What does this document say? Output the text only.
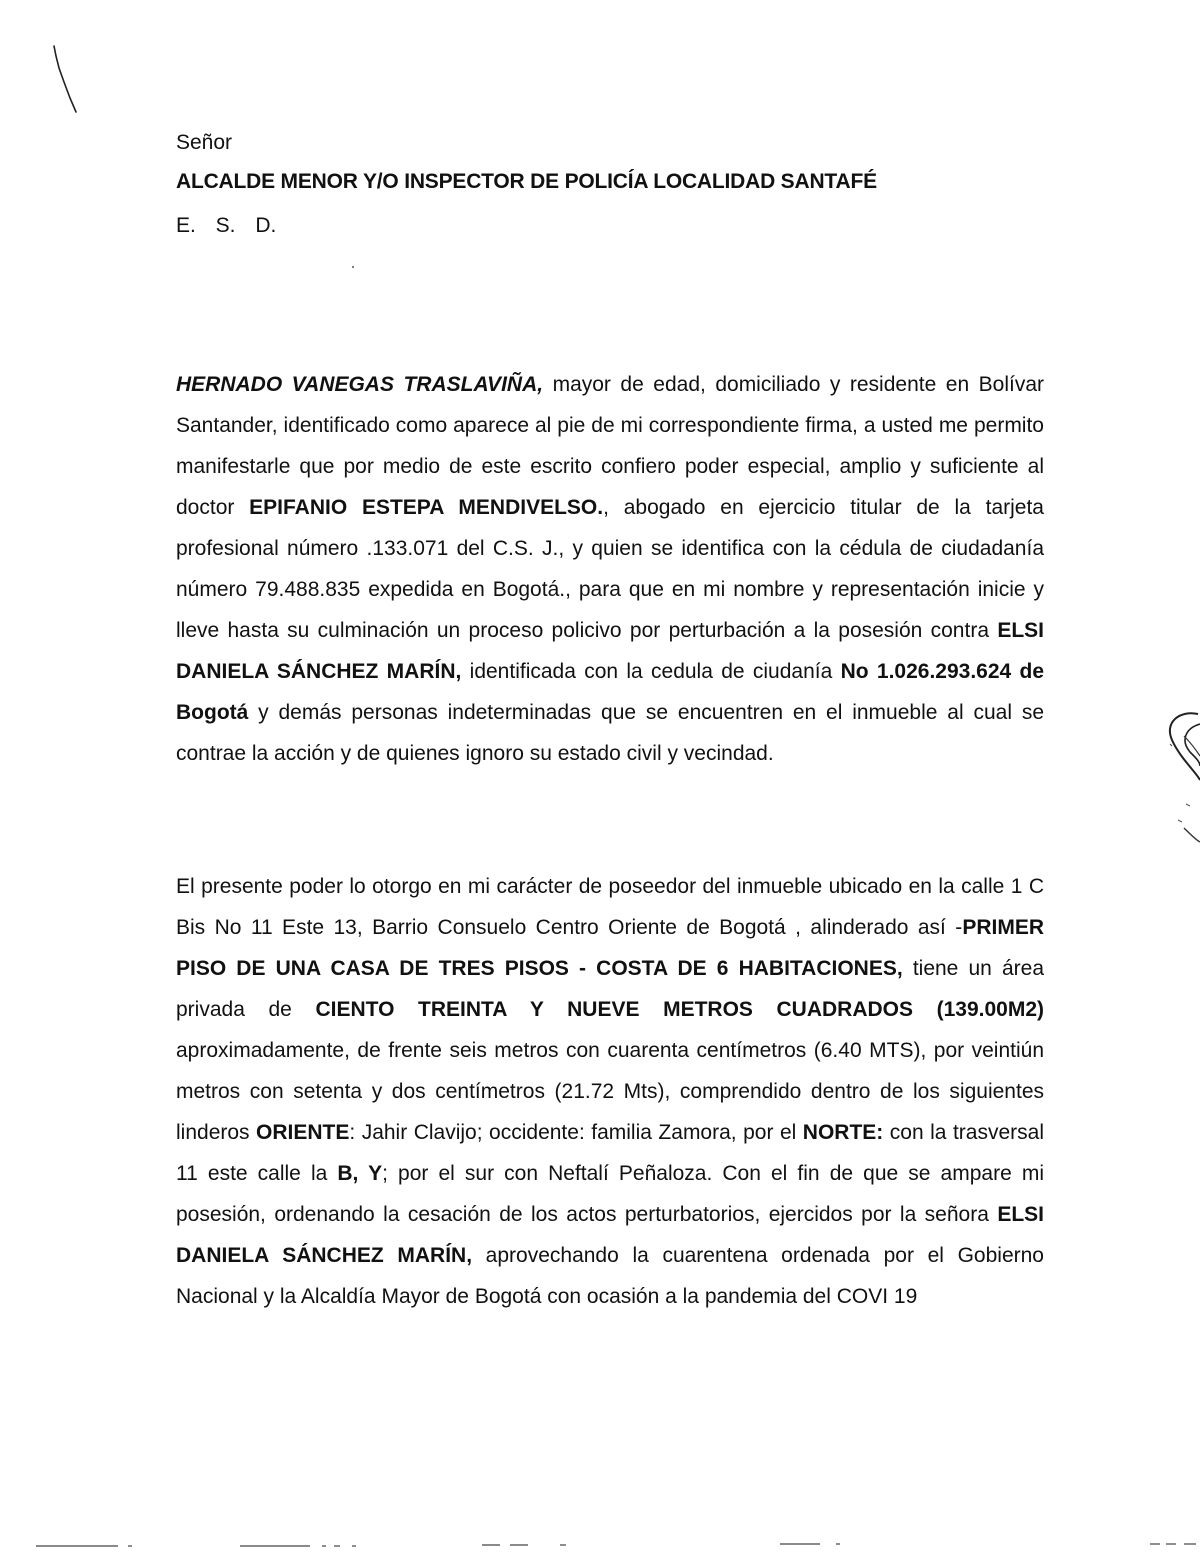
Señor

ALCALDE MENOR Y/O INSPECTOR DE POLICÍA LOCALIDAD SANTAFÉ

E. S. D.

HERNADO VANEGAS TRASLAVIÑA, mayor de edad, domiciliado y residente en Bolívar Santander, identificado como aparece al pie de mi correspondiente firma, a usted me permito manifestarle que por medio de este escrito confiero poder especial, amplio y suficiente al doctor EPIFANIO ESTEPA MENDIVELSO., abogado en ejercicio titular de la tarjeta profesional número .133.071 del C.S. J., y quien se identifica con la cédula de ciudadanía número 79.488.835 expedida en Bogotá., para que en mi nombre y representación inicie y lleve hasta su culminación un proceso policivo por perturbación a la posesión contra ELSI DANIELA SÁNCHEZ MARÍN, identificada con la cedula de ciudanía No 1.026.293.624 de Bogotá y demás personas indeterminadas que se encuentren en el inmueble al cual se contrae la acción y de quienes ignoro su estado civil y vecindad.

El presente poder lo otorgo en mi carácter de poseedor del inmueble ubicado en la calle 1 C Bis No 11 Este 13, Barrio Consuelo Centro Oriente de Bogotá , alinderado así -PRIMER PISO DE UNA CASA DE TRES PISOS - COSTA DE 6 HABITACIONES, tiene un área privada de CIENTO TREINTA Y NUEVE METROS CUADRADOS (139.00M2) aproximadamente, de frente seis metros con cuarenta centímetros (6.40 MTS), por veintiún metros con setenta y dos centímetros (21.72 Mts), comprendido dentro de los siguientes linderos ORIENTE: Jahir Clavijo; occidente: familia Zamora, por el NORTE: con la trasversal 11 este calle la B, Y; por el sur con Neftalí Peñaloza. Con el fin de que se ampare mi posesión, ordenando la cesación de los actos perturbatorios, ejercidos por la señora ELSI DANIELA SÁNCHEZ MARÍN, aprovechando la cuarentena ordenada por el Gobierno Nacional y la Alcaldía Mayor de Bogotá con ocasión a la pandemia del COVI 19
